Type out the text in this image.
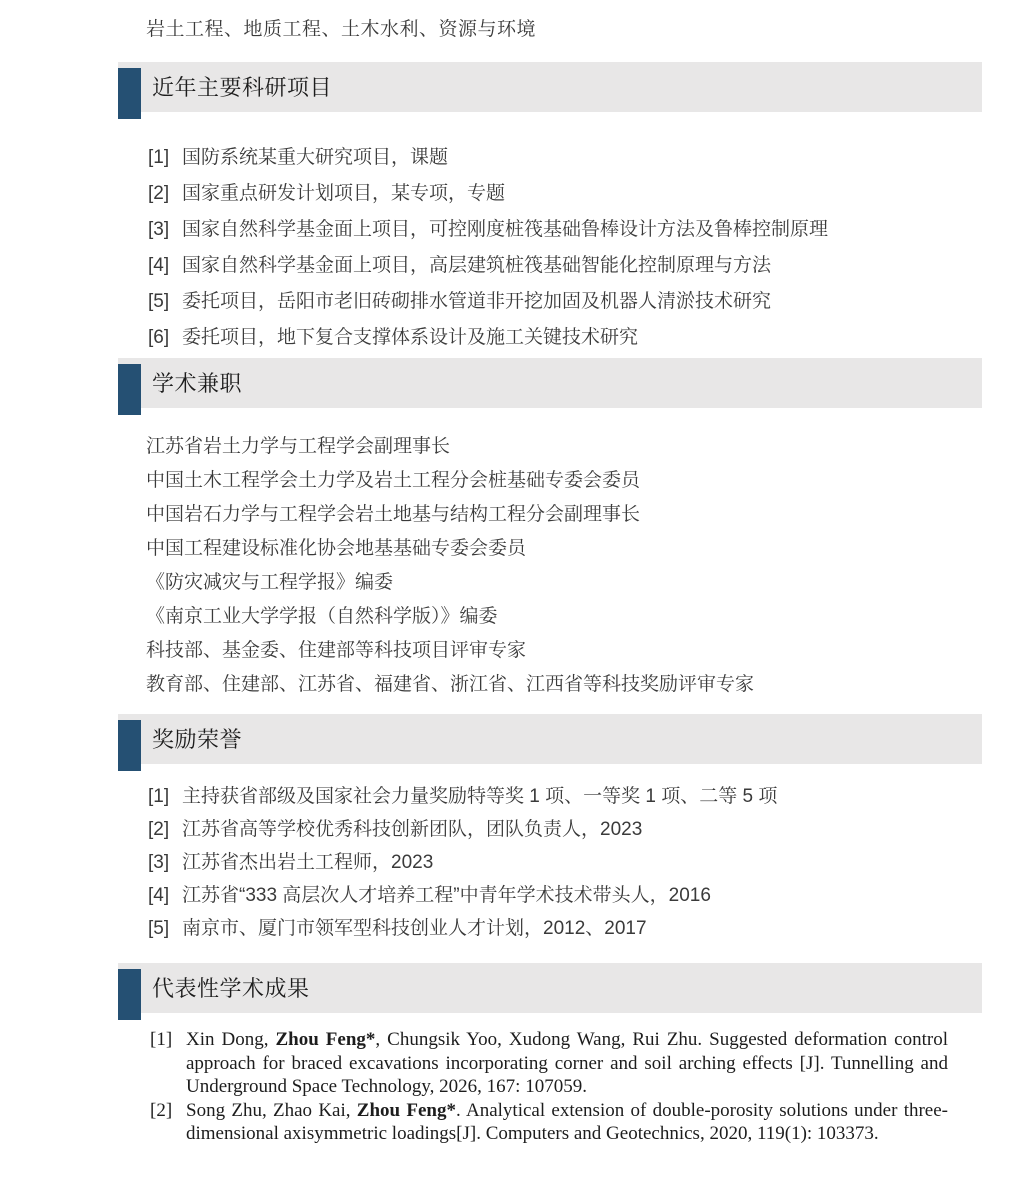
岩土工程、地质工程、土木水利、资源与环境
近年主要科研项目
[1] 国防系统某重大研究项目，课题
[2] 国家重点研发计划项目，某专项，专题
[3] 国家自然科学基金面上项目，可控刚度桩筏基础鲁棒设计方法及鲁棒控制原理
[4] 国家自然科学基金面上项目，高层建筑桩筏基础智能化控制原理与方法
[5] 委托项目，岳阳市老旧砖砌排水管道非开挖加固及机器人清淤技术研究
[6] 委托项目，地下复合支撑体系设计及施工关键技术研究
学术兼职
江苏省岩土力学与工程学会副理事长
中国土木工程学会土力学及岩土工程分会桩基础专委会委员
中国岩石力学与工程学会岩土地基与结构工程分会副理事长
中国工程建设标准化协会地基基础专委会委员
《防灾减灾与工程学报》编委
《南京工业大学学报（自然科学版）》编委
科技部、基金委、住建部等科技项目评审专家
教育部、住建部、江苏省、福建省、浙江省、江西省等科技奖励评审专家
奖励荣誉
[1] 主持获省部级及国家社会力量奖励特等奖 1 项、一等奖 1 项、二等 5 项
[2] 江苏省高等学校优秀科技创新团队，团队负责人，2023
[3] 江苏省杰出岩土工程师，2023
[4] 江苏省“333 高层次人才培养工程”中青年学术技术带头人，2016
[5] 南京市、厦门市领军型科技创业人才计划，2012、2017
代表性学术成果
[1] Xin Dong, Zhou Feng*, Chungsik Yoo, Xudong Wang, Rui Zhu. Suggested deformation control approach for braced excavations incorporating corner and soil arching effects [J]. Tunnelling and Underground Space Technology, 2026, 167: 107059.
[2] Song Zhu, Zhao Kai, Zhou Feng*. Analytical extension of double-porosity solutions under three-dimensional axisymmetric loadings[J]. Computers and Geotechnics, 2020, 119(1): 103373.
